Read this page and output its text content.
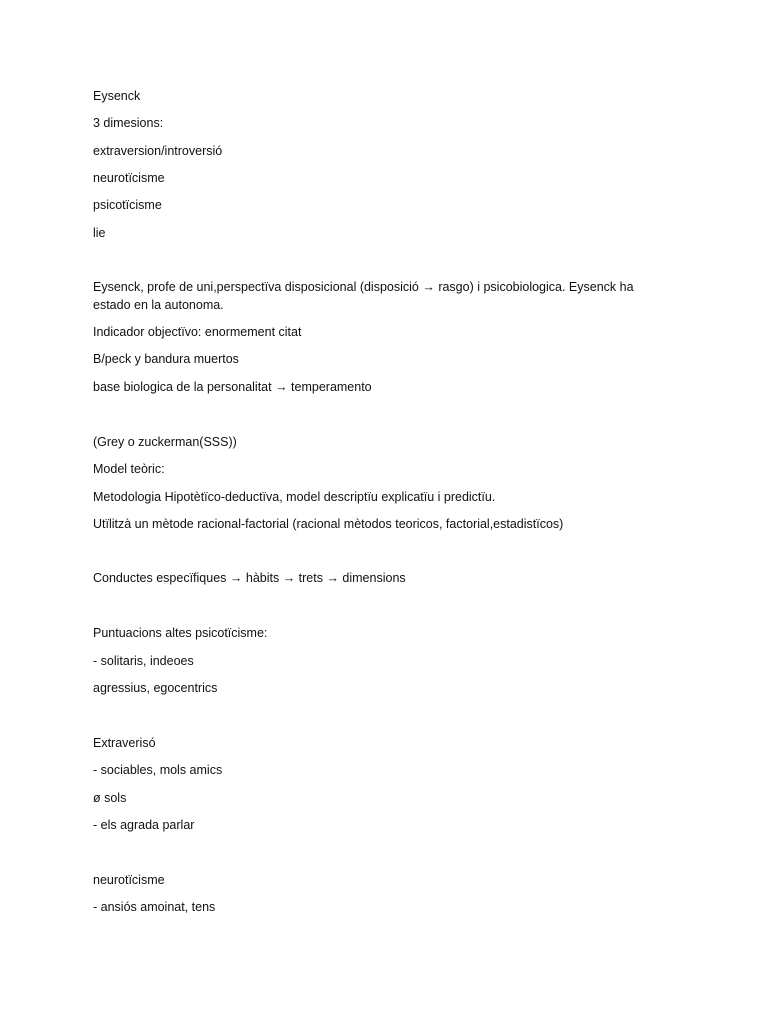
Eysenck

3 dimesions:

extraversion/introversió

neurotïcisme

psicotïcisme

lie

Eysenck, profe de uni,perspectïva disposicional (disposició → rasgo) i psicobiologica. Eysenck ha estado en la autonoma.

Indicador objectïvo: enormement citat

B/peck y bandura muertos

base biologica de la personalitat → temperamento

(Grey o zuckerman(SSS))

Model teòric:

Metodologia Hipotètïco-deductïva, model descriptïu explicatïu i predictïu.

Utïlitzà un mètode racional-factorial (racional mètodos teoricos, factorial,estadistïcos)

Conductes especïfiques → hàbits → trets → dimensions

Puntuacions altes psicotïcisme:

- solitaris, indeoes

agressius, egocentrics

Extraverisó

- sociables, mols amics

ø sols

- els agrada parlar

neurotïcisme

- ansiós amoinat, tens
